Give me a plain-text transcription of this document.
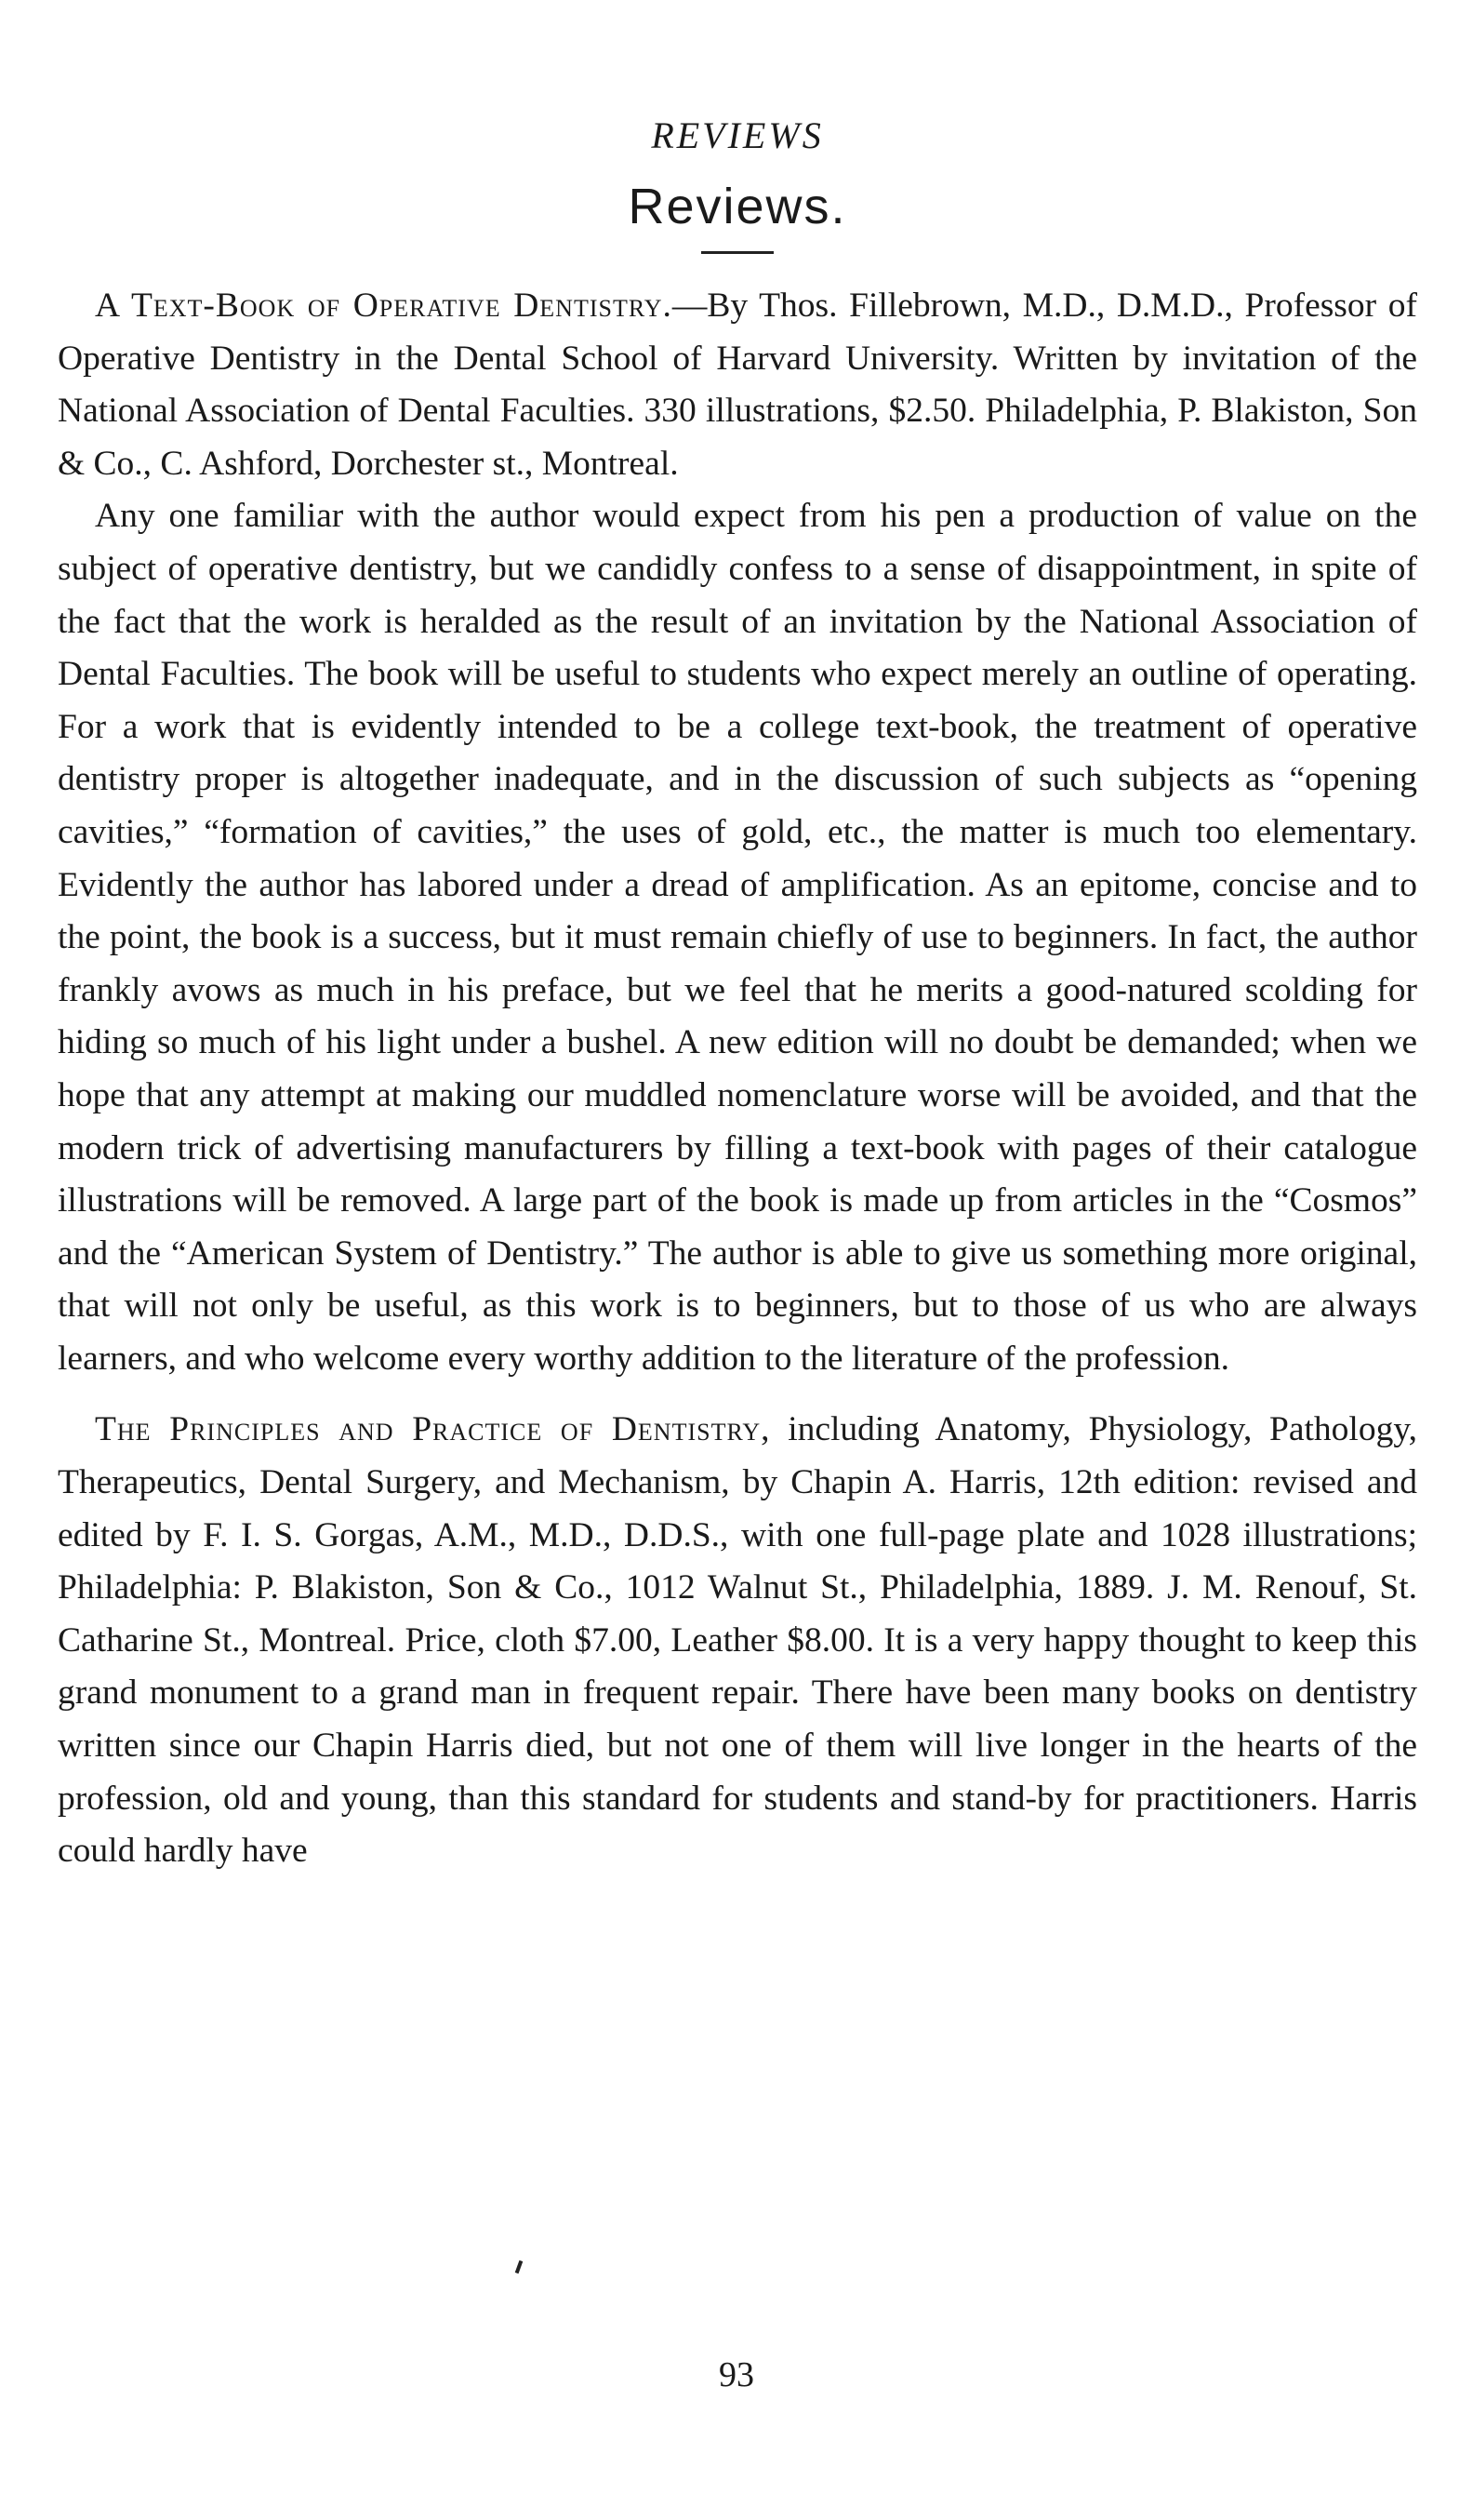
REVIEWS
Reviews.

A Text-Book of Operative Dentistry.—By Thos. Fillebrown, M.D., D.M.D., Professor of Operative Dentistry in the Dental School of Harvard University. Written by invitation of the National Association of Dental Faculties. 330 illustrations, $2.50. Philadelphia, P. Blakiston, Son & Co., C. Ashford, Dorchester st., Montreal.

Any one familiar with the author would expect from his pen a production of value on the subject of operative dentistry, but we candidly confess to a sense of disappointment, in spite of the fact that the work is heralded as the result of an invitation by the National Association of Dental Faculties. The book will be useful to students who expect merely an outline of operating. For a work that is evidently intended to be a college text-book, the treatment of operative dentistry proper is altogether inadequate, and in the discussion of such subjects as “opening cavities,” “formation of cavities,” the uses of gold, etc., the matter is much too elementary. Evidently the author has labored under a dread of amplification. As an epitome, concise and to the point, the book is a success, but it must remain chiefly of use to beginners. In fact, the author frankly avows as much in his preface, but we feel that he merits a good-natured scolding for hiding so much of his light under a bushel. A new edition will no doubt be demanded; when we hope that any attempt at making our muddled nomenclature worse will be avoided, and that the modern trick of advertising manufacturers by filling a text-book with pages of their catalogue illustrations will be removed. A large part of the book is made up from articles in the “Cosmos” and the “American System of Dentistry.” The author is able to give us something more original, that will not only be useful, as this work is to beginners, but to those of us who are always learners, and who welcome every worthy addition to the literature of the profession.

The Principles and Practice of Dentistry, including Anatomy, Physiology, Pathology, Therapeutics, Dental Surgery, and Mechanism, by Chapin A. Harris, 12th edition: revised and edited by F. I. S. Gorgas, A.M., M.D., D.D.S., with one full-page plate and 1028 illustrations; Philadelphia: P. Blakiston, Son & Co., 1012 Walnut St., Philadelphia, 1889. J. M. Renouf, St. Catharine St., Montreal. Price, cloth $7.00, Leather $8.00. It is a very happy thought to keep this grand monument to a grand man in frequent repair. There have been many books on dentistry written since our Chapin Harris died, but not one of them will live longer in the hearts of the profession, old and young, than this standard for students and stand-by for practitioners. Harris could hardly have

93
